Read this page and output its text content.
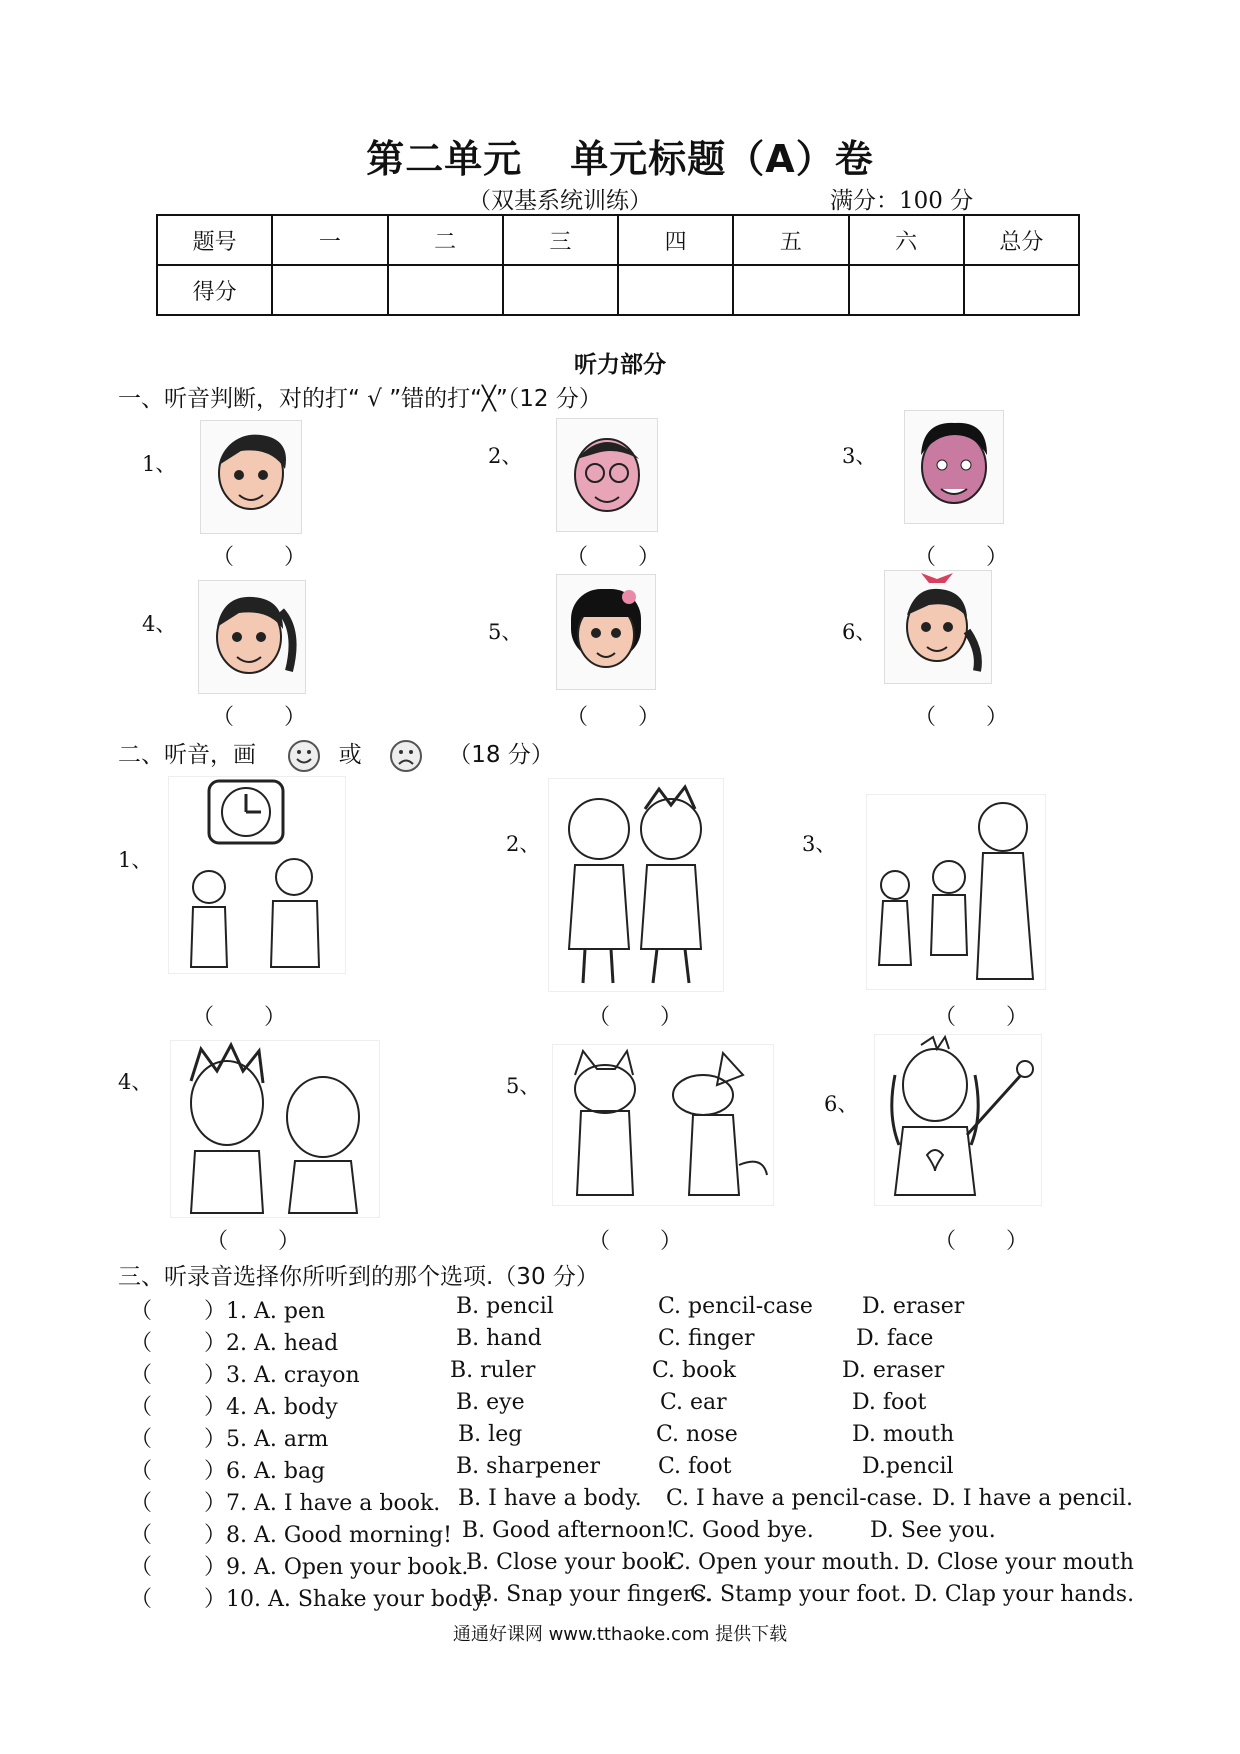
第二单元 单元标题（A）卷
（双基系统训练）	满分：100 分
题号	一	二	三	四	五	六	总分
得分							
听力部分
一、听音判断，对的打“ √ ”错的打“╳”（12 分）
1、
（　　）
2、
（　　）
3、
（　　）
4、
（　　）
5、
（　　）
6、
（　　）
二、听音，画	或	（18 分）
1、
（　　）
2、
（　　）
3、
（　　）
4、
（　　）
5、
（　　）
6、
（　　）
三、听录音选择你所听到的那个选项.（30 分）
（ ）1. A. pen	B. pencil	C. pencil-case D. eraser
（ ）2. A. head	B. hand	C. finger	D. face
（ ）3. A. crayon	B. ruler	C. book	D. eraser
（ ）4. A. body	B. eye	C. ear	D. foot
（ ）5. A. arm	B. leg	C. nose	D. mouth
（ ）6. A. bag	B. sharpener	C. foot	D.pencil
（ ）7. A. I have a book. B. I have a body. C. I have a pencil-case. D. I have a pencil.
（ ）8. A. Good morning! B. Good afternoon!
C. Good bye.	D. See you.
（ ）9. A. Open your book.
B. Close your book.
C. Open your mouth. D. Close your mouth
（ ）10. A. Shake your body.
B. Snap your fingers.
C. Stamp your foot. D. Clap your hands.
通通好课网 www.tthaoke.com 提供下载
